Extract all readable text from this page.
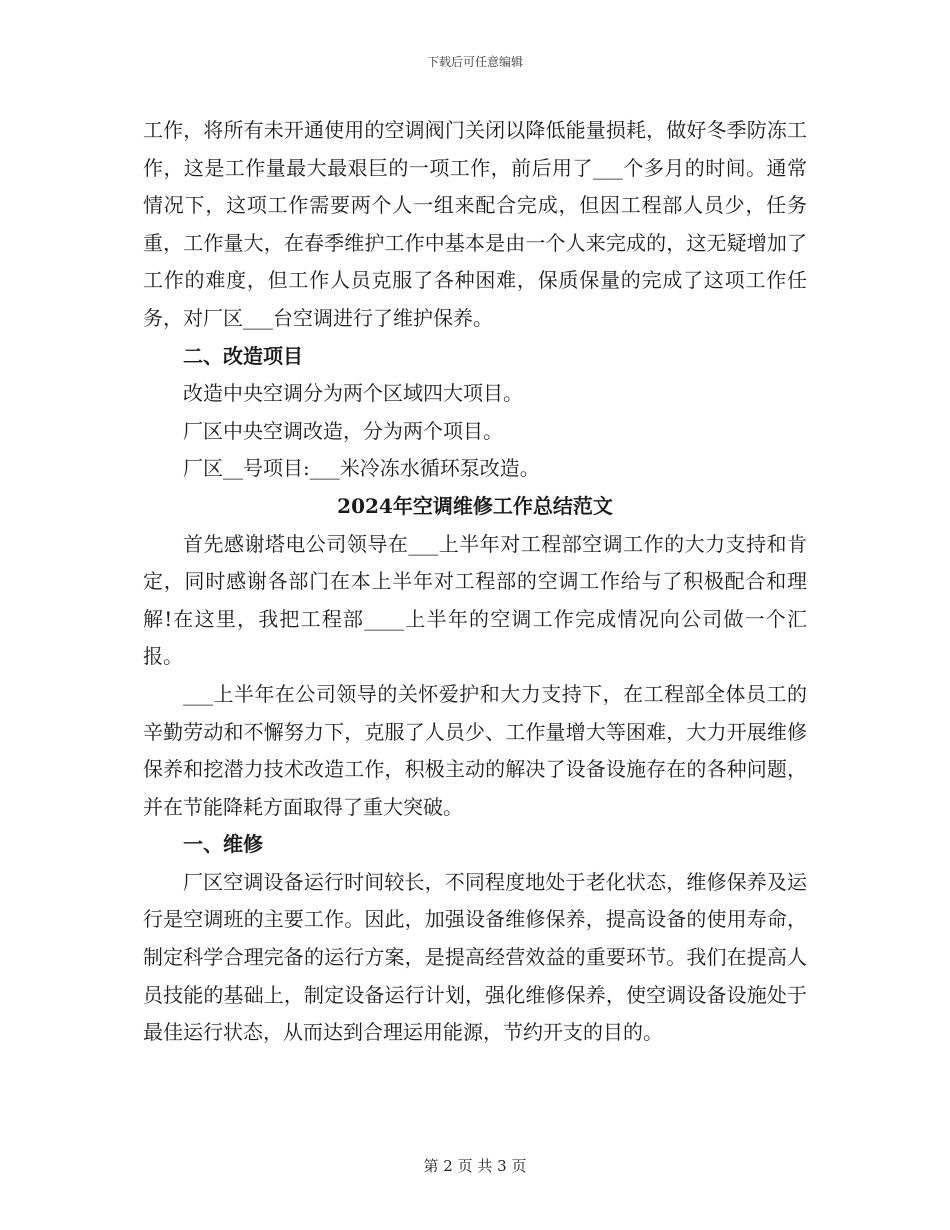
下载后可任意编辑

工作，将所有未开通使用的空调阀门关闭以降低能量损耗，做好冬季防冻工作，这是工作量最大最艰巨的一项工作，前后用了___个多月的时间。通常情况下，这项工作需要两个人一组来配合完成，但因工程部人员少，任务重，工作量大，在春季维护工作中基本是由一个人来完成的，这无疑增加了工作的难度，但工作人员克服了各种困难，保质保量的完成了这项工作任务，对厂区___台空调进行了维护保养。

二、改造项目

改造中央空调分为两个区域四大项目。

厂区中央空调改造，分为两个项目。

厂区__号项目:___米冷冻水循环泵改造。

2024年空调维修工作总结范文

首先感谢塔电公司领导在___上半年对工程部空调工作的大力支持和肯定，同时感谢各部门在本上半年对工程部的空调工作给与了积极配合和理解!在这里，我把工程部____上半年的空调工作完成情况向公司做一个汇报。

___上半年在公司领导的关怀爱护和大力支持下，在工程部全体员工的辛勤劳动和不懈努力下，克服了人员少、工作量增大等困难，大力开展维修保养和挖潜力技术改造工作，积极主动的解决了设备设施存在的各种问题，并在节能降耗方面取得了重大突破。

一、维修

厂区空调设备运行时间较长，不同程度地处于老化状态，维修保养及运行是空调班的主要工作。因此，加强设备维修保养，提高设备的使用寿命，制定科学合理完备的运行方案，是提高经营效益的重要环节。我们在提高人员技能的基础上，制定设备运行计划，强化维修保养，使空调设备设施处于最佳运行状态，从而达到合理运用能源，节约开支的目的。

第 2 页 共 3 页
